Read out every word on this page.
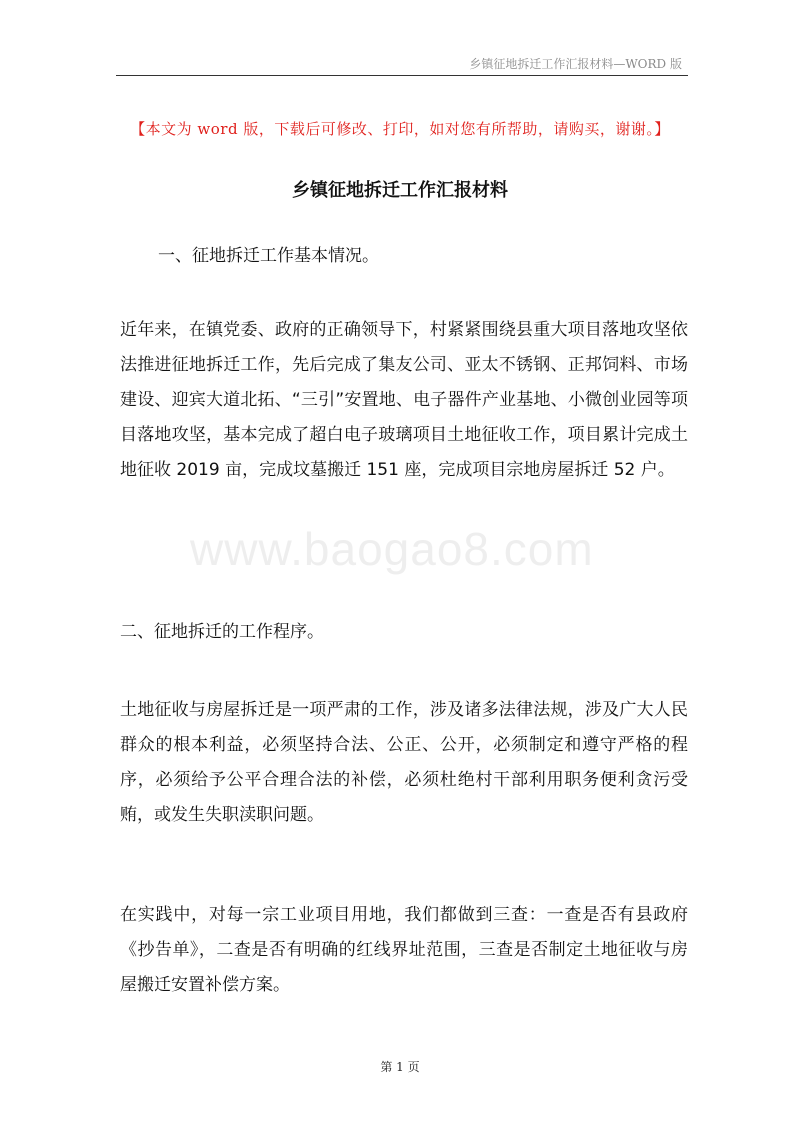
乡镇征地拆迁工作汇报材料—WORD 版
【本文为 word 版，下载后可修改、打印，如对您有所帮助，请购买，谢谢。】
乡镇征地拆迁工作汇报材料
一、征地拆迁工作基本情况。

近年来，在镇党委、政府的正确领导下，村紧紧围绕县重大项目落地攻坚依法推进征地拆迁工作，先后完成了集友公司、亚太不锈钢、正邦饲料、市场建设、迎宾大道北拓、“三引”安置地、电子器件产业基地、小微创业园等项目落地攻坚，基本完成了超白电子玻璃项目土地征收工作，项目累计完成土地征收 2019 亩，完成坟墓搬迁 151 座，完成项目宗地房屋拆迁 52 户。

www.baogao8.com
二、征地拆迁的工作程序。

土地征收与房屋拆迁是一项严肃的工作，涉及诸多法律法规，涉及广大人民群众的根本利益，必须坚持合法、公正、公开，必须制定和遵守严格的程序，必须给予公平合理合法的补偿，必须杜绝村干部利用职务便利贪污受贿，或发生失职渎职问题。

在实践中，对每一宗工业项目用地，我们都做到三查：一查是否有县政府《抄告单》，二查是否有明确的红线界址范围，三查是否制定土地征收与房屋搬迁安置补偿方案。

第 1 页
